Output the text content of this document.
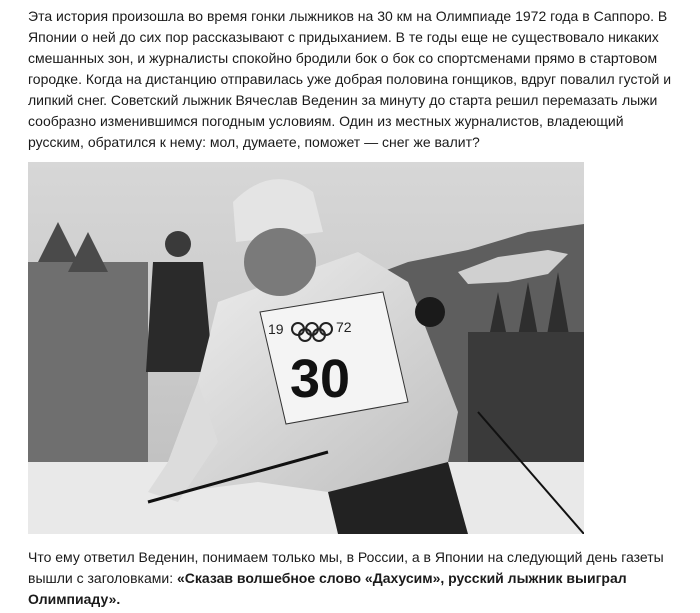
Эта история произошла во время гонки лыжников на 30 км на Олимпиаде 1972 года в Саппоро. В Японии о ней до сих пор рассказывают с придыханием. В те годы еще не существовало никаких смешанных зон, и журналисты спокойно бродили бок о бок со спортсменами прямо в стартовом городке. Когда на дистанцию отправилась уже добрая половина гонщиков, вдруг повалил густой и липкий снег. Советский лыжник Вячеслав Веденин за минуту до старта решил перемазать лыжи сообразно изменившимся погодным условиям. Один из местных журналистов, владеющий русским, обратился к нему: мол, думаете, поможет — снег же валит?

19	72
30

Что ему ответил Веденин, понимаем только мы, в России, а в Японии на следующий день газеты вышли с заголовками: «Сказав волшебное слово «Дахусим», русский лыжник выиграл Олимпиаду».
